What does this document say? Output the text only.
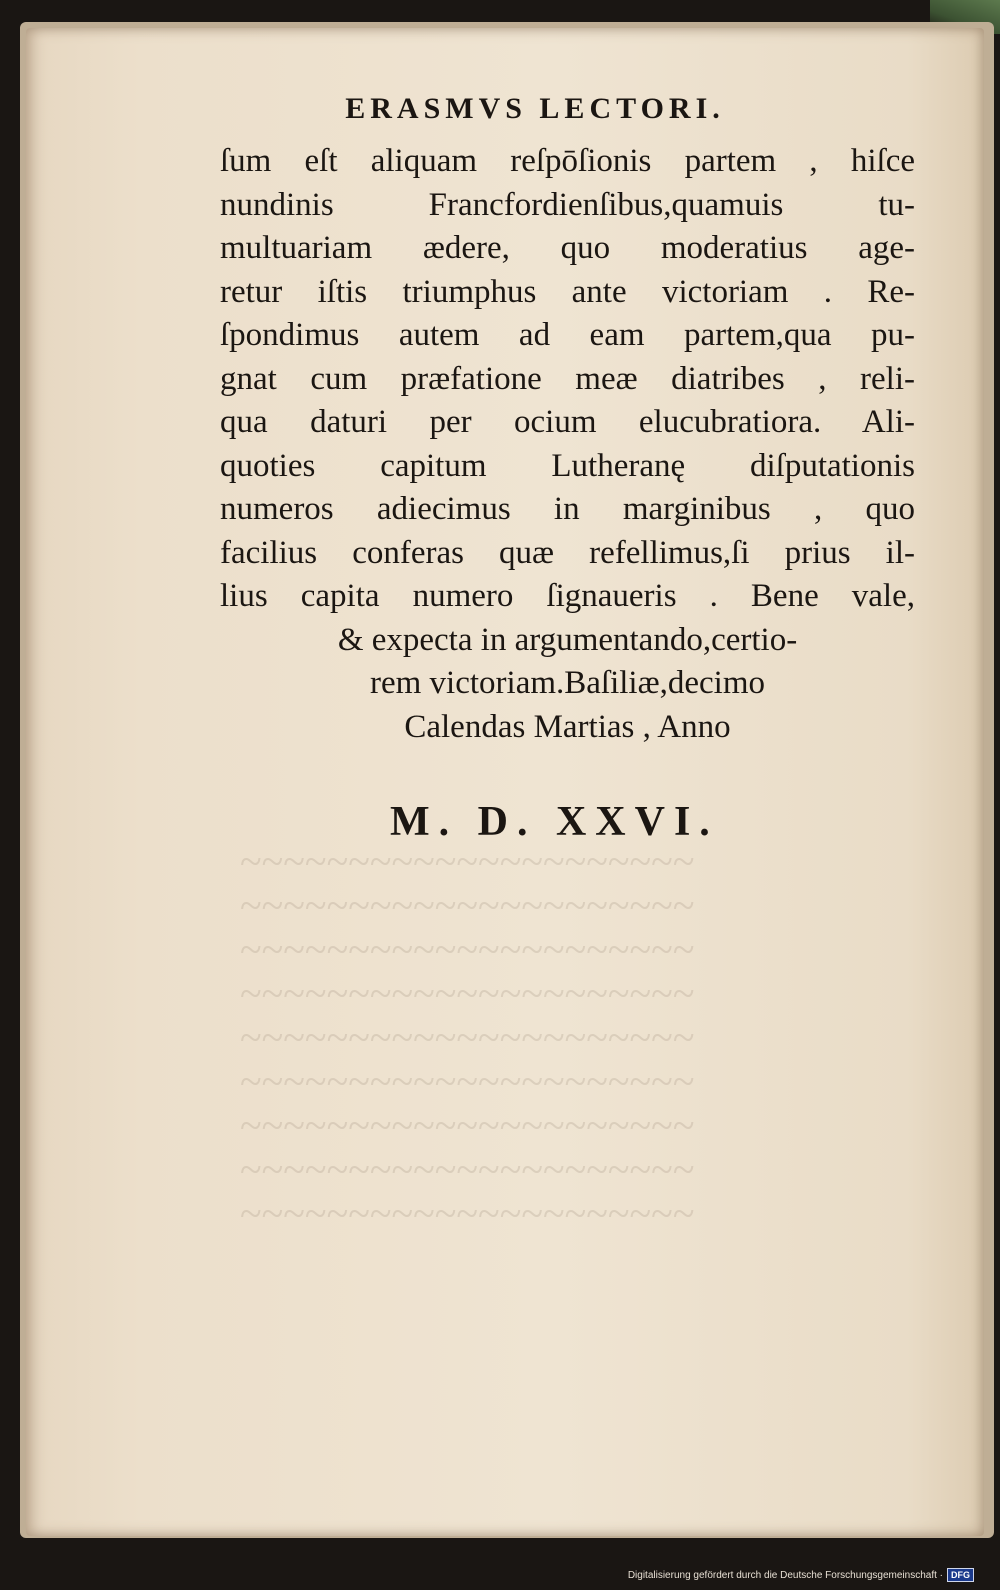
~~~~~~~~~~~~~~~~~~~~~
~~~~~~~~~~~~~~~~~~~~~
~~~~~~~~~~~~~~~~~~~~~
~~~~~~~~~~~~~~~~~~~~~
~~~~~~~~~~~~~~~~~~~~~
~~~~~~~~~~~~~~~~~~~~~
~~~~~~~~~~~~~~~~~~~~~
~~~~~~~~~~~~~~~~~~~~~
~~~~~~~~~~~~~~~~~~~~~
ERASMVS LECTORI.
ſum eſt aliquam reſpōſionis partem , hiſce
nundinis Francfordienſibus,quamuis tu‑
multuariam ædere, quo moderatius age‑
retur iſtis triumphus ante victoriam . Re‑
ſpondimus autem ad eam partem,qua pu‑
gnat cum præfatione meæ diatribes , reli‑
qua daturi per ocium elucubratiora. Ali‑
quoties capitum Lutheranę diſputationis
numeros adiecimus in marginibus , quo
facilius conferas quæ refellimus,ſi prius il‑
lius capita numero ſignaueris . Bene vale,
& expecta in argumentando,certio‑
rem victoriam.Baſiliæ,decimo
Calendas Martias , Anno
M. D. XXVI.
Digitalisierung gefördert durch die Deutsche Forschungsgemeinschaft · DFG
